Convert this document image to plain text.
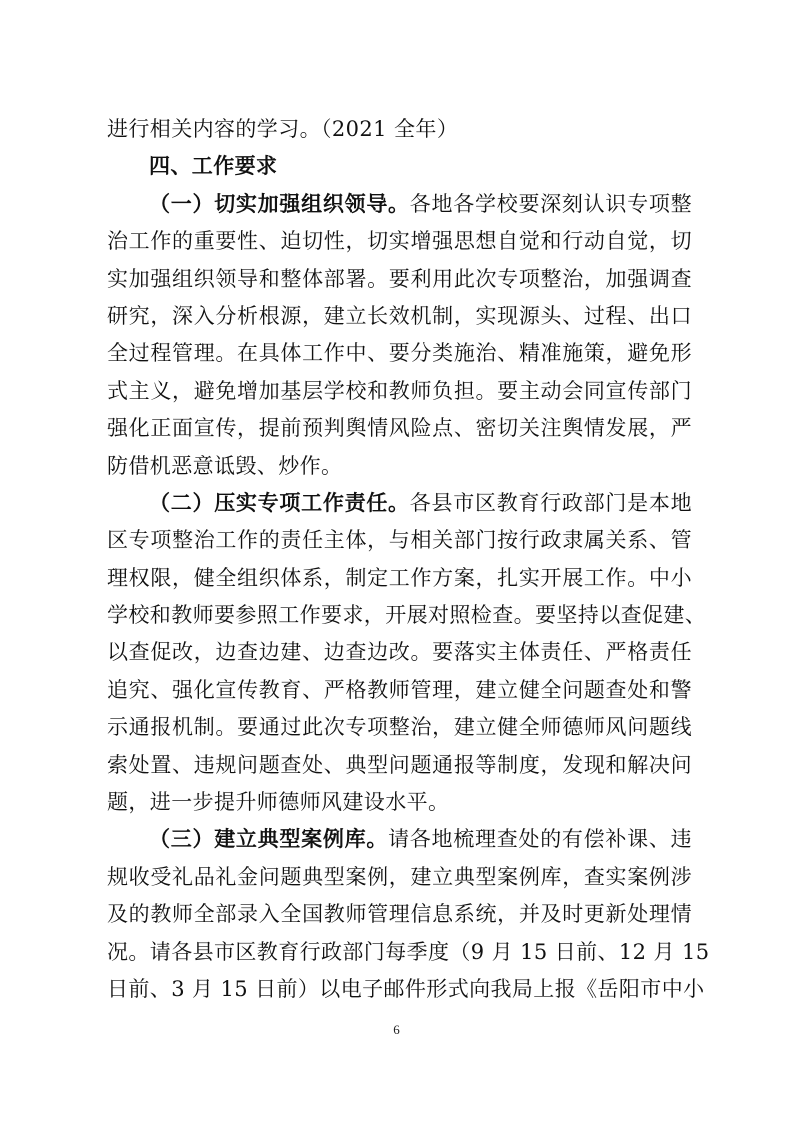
进行相关内容的学习。（2021 全年）
四、工作要求
（一）切实加强组织领导。各地各学校要深刻认识专项整
治工作的重要性、迫切性，切实增强思想自觉和行动自觉，切
实加强组织领导和整体部署。要利用此次专项整治，加强调查
研究，深入分析根源，建立长效机制，实现源头、过程、出口
全过程管理。在具体工作中、要分类施治、精准施策，避免形
式主义，避免增加基层学校和教师负担。要主动会同宣传部门
强化正面宣传，提前预判舆情风险点、密切关注舆情发展，严
防借机恶意诋毁、炒作。
（二）压实专项工作责任。各县市区教育行政部门是本地
区专项整治工作的责任主体，与相关部门按行政隶属关系、管
理权限，健全组织体系，制定工作方案，扎实开展工作。中小
学校和教师要参照工作要求，开展对照检查。要坚持以查促建、
以查促改，边查边建、边查边改。要落实主体责任、严格责任
追究、强化宣传教育、严格教师管理，建立健全问题查处和警
示通报机制。要通过此次专项整治，建立健全师德师风问题线
索处置、违规问题查处、典型问题通报等制度，发现和解决问
题，进一步提升师德师风建设水平。
（三）建立典型案例库。请各地梳理查处的有偿补课、违
规收受礼品礼金问题典型案例，建立典型案例库，查实案例涉
及的教师全部录入全国教师管理信息系统，并及时更新处理情
况。请各县市区教育行政部门每季度（9 月 15 日前、12 月 15
日前、3 月 15 日前）以电子邮件形式向我局上报《岳阳市中小
6
